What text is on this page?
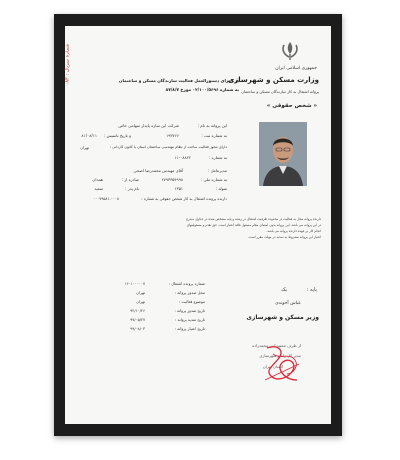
شماره سریال : ۰۸۳	جمهوری اسلامی ایران
وزارت مسکن و شهرسازی
پروانه اشتغال به کار سازندگان مسکن و ساختمان
« شخص حقوقی »
در اجرای دستورالعمل فعالیت سازندگان مسکن و ساختمان
به شماره ۰۲/۱۰۰/۵۶۹۶ مورخ ۸۷/۸/۷
این پروانه به نام :
شرکت ابن سازه پایدار سهامی خاص
به شماره ثبت :
۱۹۳۷۶۶
و تاریخ تاسیس :
۸۱/۰۸/۱۱
دارای مجوز فعالیت ساخت از نظام مهندسی ساختمان استان یا کانون کاردانی :
تهران
به شماره :
۱۱-۰۸۸۲۲
مدیرعامل :
آقای مهندس محمدرضا اصحی
به شماره ملی :
۲۷۹۳۳۵۴۹۹۸
صادره از :
همدان
متولد :
۱۳۵۱
نام پدر :
سعید
دارنده پرونده اشتغال به کار شخص حقوقی به شماره :
۰۰۰۷۹۵۸۱-۰۰۰۸
دارنده پروانه مجاز به فعالیت در محدوده ظرفیت اشتغال در رشته و پایه مشخص شده در جداول مندرج
در این پروانه می باشد. این پروانه بدون امضای مقام مسئول فاقد اعتبار است. حق تقدم و مسئولیتهای
انجام کار بر عهده دارنده پروانه می باشد.
اعتبار این پروانه مشروط به تمدید در مهلت مقرر است.
شماره پرونده اشتغال :
۱۶۰۱۰۰۰۰۰۷
محل صدور پروانه :
تهران
موضوع فعالیت :
تهران
تاریخ صدور پروانه :
۹۲/۱۰/۲۶
تاریخ تمدید پروانه :
۹۷/۰۵/۲۷
تاریخ اعتبار پروانه :
۹۹/۰۸/۰۳
پایه :
یک
عباس آخوندی
وزیر مسکن و شهرسازی
از طرف محمدیاس محمدزاده
مدیر کل راه و شهرسازی
استان تهران
